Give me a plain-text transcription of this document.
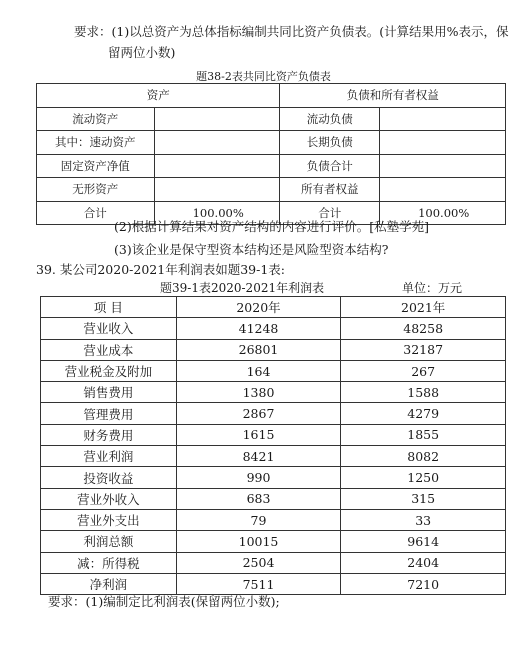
要求：(1)以总资产为总体指标编制共同比资产负债表。(计算结果用%表示，保
留两位小数)
题38-2表共同比资产负债表
资产		负债和所有者权益	
流动资产		流动负债	
其中：速动资产		长期负债	
固定资产净值		负债合计	
无形资产		所有者权益	
合计	100.00%	合计	100.00%
(2)根据计算结果对资产结构的内容进行评价。[私塾学苑]
(3)该企业是保守型资本结构还是风险型资本结构?
39. 某公司2020-2021年利润表如题39-1表:
题39-1表2020-2021年利润表	单位：万元
项 目	2020年	2021年
营业收入	41248	48258
营业成本	26801	32187
营业税金及附加	164	267
销售费用	1380	1588
管理费用	2867	4279
财务费用	1615	1855
营业利润	8421	8082
投资收益	990	1250
营业外收入	683	315
营业外支出	79	33
利润总额	10015	9614
减：所得税	2504	2404
净利润	7511	7210
要求：(1)编制定比利润表(保留两位小数);
